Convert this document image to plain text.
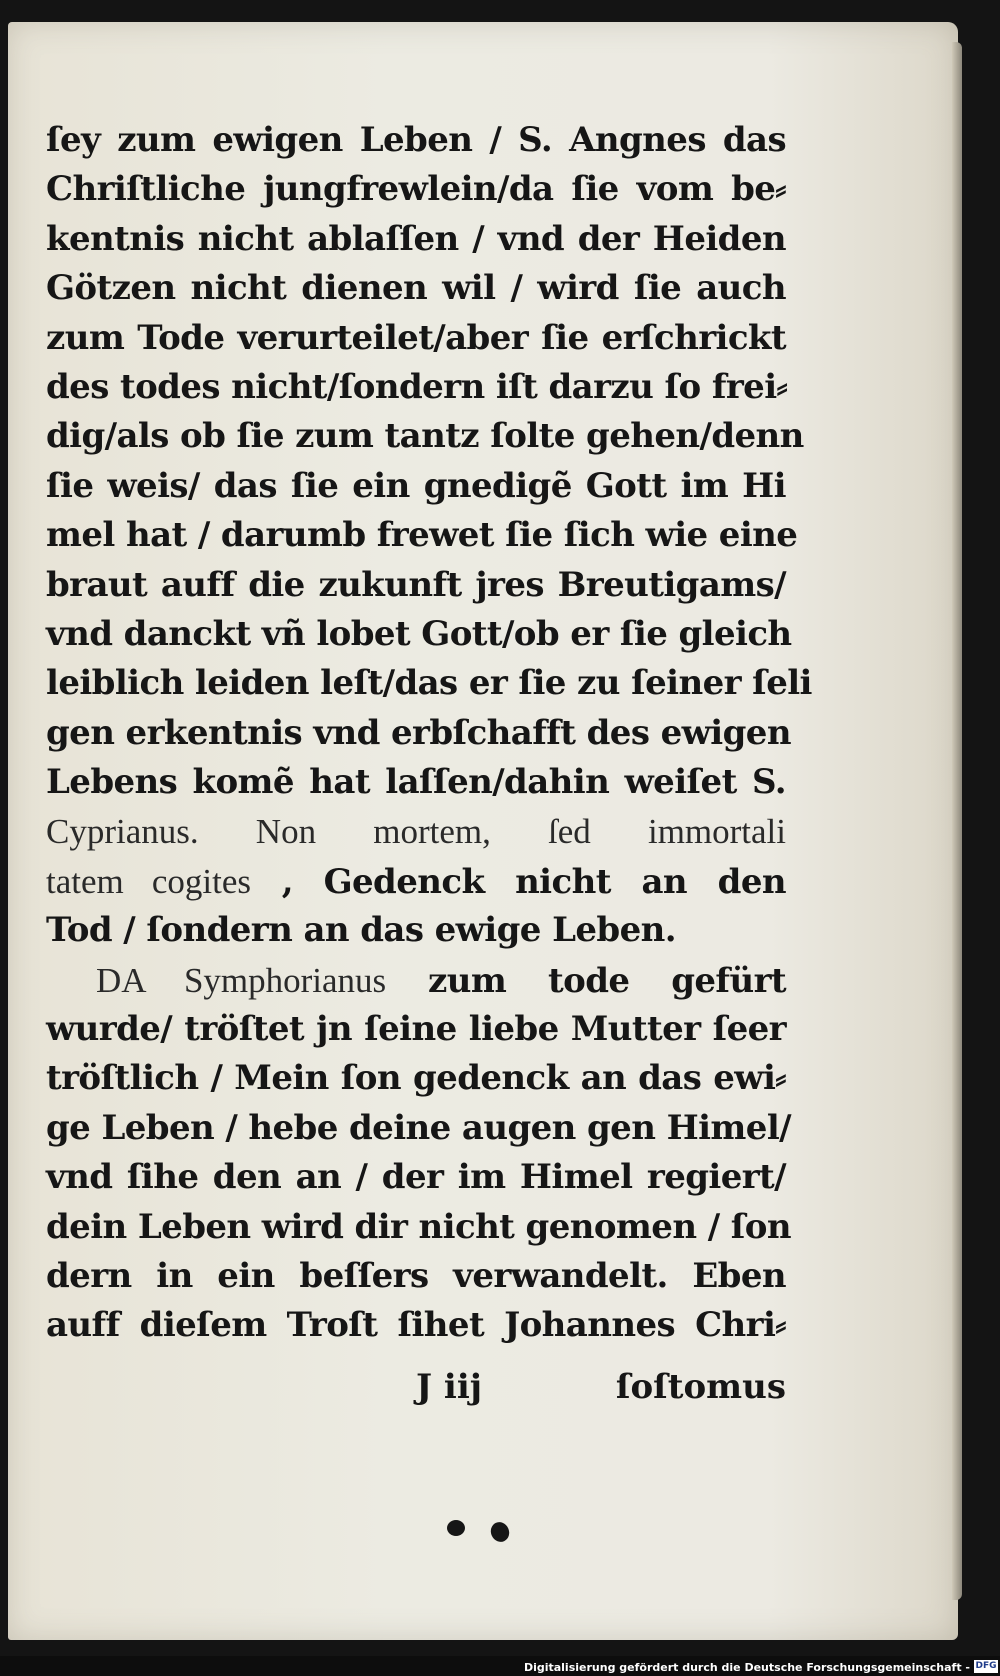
ſey zum ewigen Leben / S. Angnes das
Chriſtliche jungfrewlein/da ſie vom be⸗
kentnis nicht ablaſſen / vnd der Heiden
Götzen nicht dienen wil / wird ſie auch
zum Tode verurteilet/aber ſie erſchrickt
des todes nicht/ſondern iſt darzu ſo frei⸗
dig/als ob ſie zum tantz ſolte gehen/denn
ſie weis/ das ſie ein gnedigẽ Gott im Hi
mel hat / darumb frewet ſie ſich wie eine
braut auff die zukunft jres Breutigams/
vnd danckt vñ lobet Gott/ob er ſie gleich
leiblich leiden leſt/das er ſie zu ſeiner ſeli
gen erkentnis vnd erbſchafft des ewigen
Lebens komẽ hat laſſen/dahin weiſet S.
Cyprianus. Non mortem, ſed immortali
tatem cogites , Gedenck nicht an den
Tod / ſondern an das ewige Leben.
DA Symphorianus zum tode gefürt
wurde/ tröſtet jn ſeine liebe Mutter ſeer
tröſtlich / Mein ſon gedenck an das ewi⸗
ge Leben / hebe deine augen gen Himel/
vnd ſihe den an / der im Himel regiert/
dein Leben wird dir nicht genomen / ſon
dern in ein beſſers verwandelt. Eben
auff dieſem Troſt ſihet Johannes Chri⸗
J iij	ſoſtomus
Digitalisierung gefördert durch die Deutsche Forschungsgemeinschaft - DFG
